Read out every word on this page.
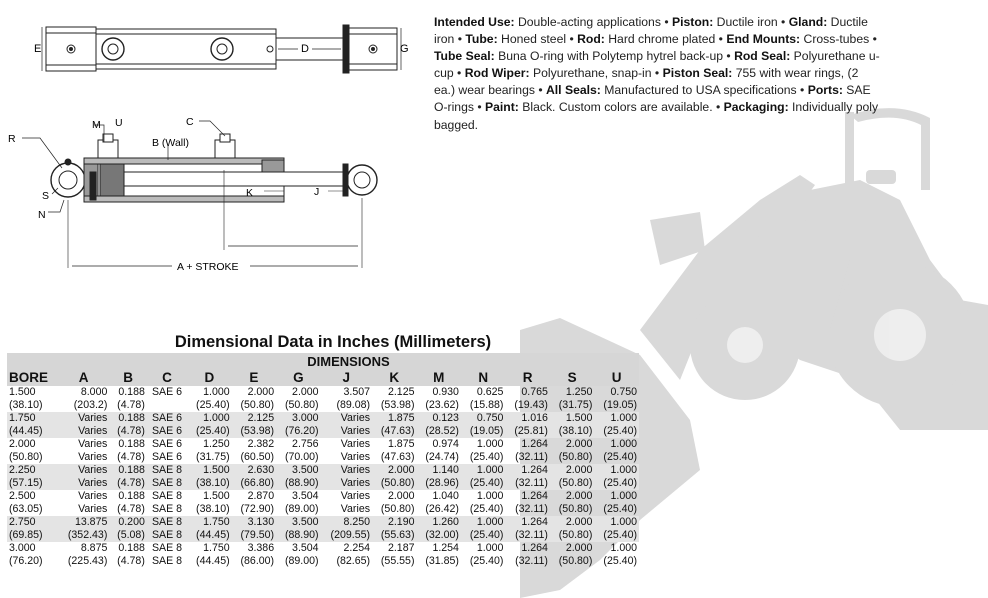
E	D	G
M U	C
B (Wall)
R
S
N
K	J
A + STROKE
Intended Use: Double-acting applications • Piston: Ductile iron • Gland: Ductile iron • Tube: Honed steel • Rod: Hard chrome plated • End Mounts: Cross-tubes • Tube Seal: Buna O-ring with Polytemp hytrel back-up • Rod Seal: Polyurethane u-cup • Rod Wiper: Polyurethane, snap-in • Piston Seal: 755 with wear rings, (2 ea.) wear bearings • All Seals: Manufactured to USA specifications • Ports: SAE O-rings • Paint: Black. Custom colors are available. • Packaging: Individually poly bagged.
Dimensional Data in Inches (Millimeters)
	DIMENSIONS												
BORE	A	B	C	D	E	G	J	K	M	N	R	S	U
1.500	8.000	0.188	SAE 6	1.000	2.000	2.000	3.507	2.125	0.930	0.625	0.765	1.250	0.750
(38.10)	(203.2)	(4.78)		(25.40)	(50.80)	(50.80)	(89.08)	(53.98)	(23.62)	(15.88)	(19.43)	(31.75)	(19.05)
1.750	Varies	0.188	SAE 6	1.000	2.125	3.000	Varies	1.875	0.123	0.750	1.016	1.500	1.000
(44.45)	Varies	(4.78)	SAE 6	(25.40)	(53.98)	(76.20)	Varies	(47.63)	(28.52)	(19.05)	(25.81)	(38.10)	(25.40)
2.000	Varies	0.188	SAE 6	1.250	2.382	2.756	Varies	1.875	0.974	1.000	1.264	2.000	1.000
(50.80)	Varies	(4.78)	SAE 6	(31.75)	(60.50)	(70.00)	Varies	(47.63)	(24.74)	(25.40)	(32.11)	(50.80)	(25.40)
2.250	Varies	0.188	SAE 8	1.500	2.630	3.500	Varies	2.000	1.140	1.000	1.264	2.000	1.000
(57.15)	Varies	(4.78)	SAE 8	(38.10)	(66.80)	(88.90)	Varies	(50.80)	(28.96)	(25.40)	(32.11)	(50.80)	(25.40)
2.500	Varies	0.188	SAE 8	1.500	2.870	3.504	Varies	2.000	1.040	1.000	1.264	2.000	1.000
(63.05)	Varies	(4.78)	SAE 8	(38.10)	(72.90)	(89.00)	Varies	(50.80)	(26.42)	(25.40)	(32.11)	(50.80)	(25.40)
2.750	13.875	0.200	SAE 8	1.750	3.130	3.500	8.250	2.190	1.260	1.000	1.264	2.000	1.000
(69.85)	(352.43)	(5.08)	SAE 8	(44.45)	(79.50)	(88.90)	(209.55)	(55.63)	(32.00)	(25.40)	(32.11)	(50.80)	(25.40)
3.000	8.875	0.188	SAE 8	1.750	3.386	3.504	2.254	2.187	1.254	1.000	1.264	2.000	1.000
(76.20)	(225.43)	(4.78)	SAE 8	(44.45)	(86.00)	(89.00)	(82.65)	(55.55)	(31.85)	(25.40)	(32.11)	(50.80)	(25.40)
